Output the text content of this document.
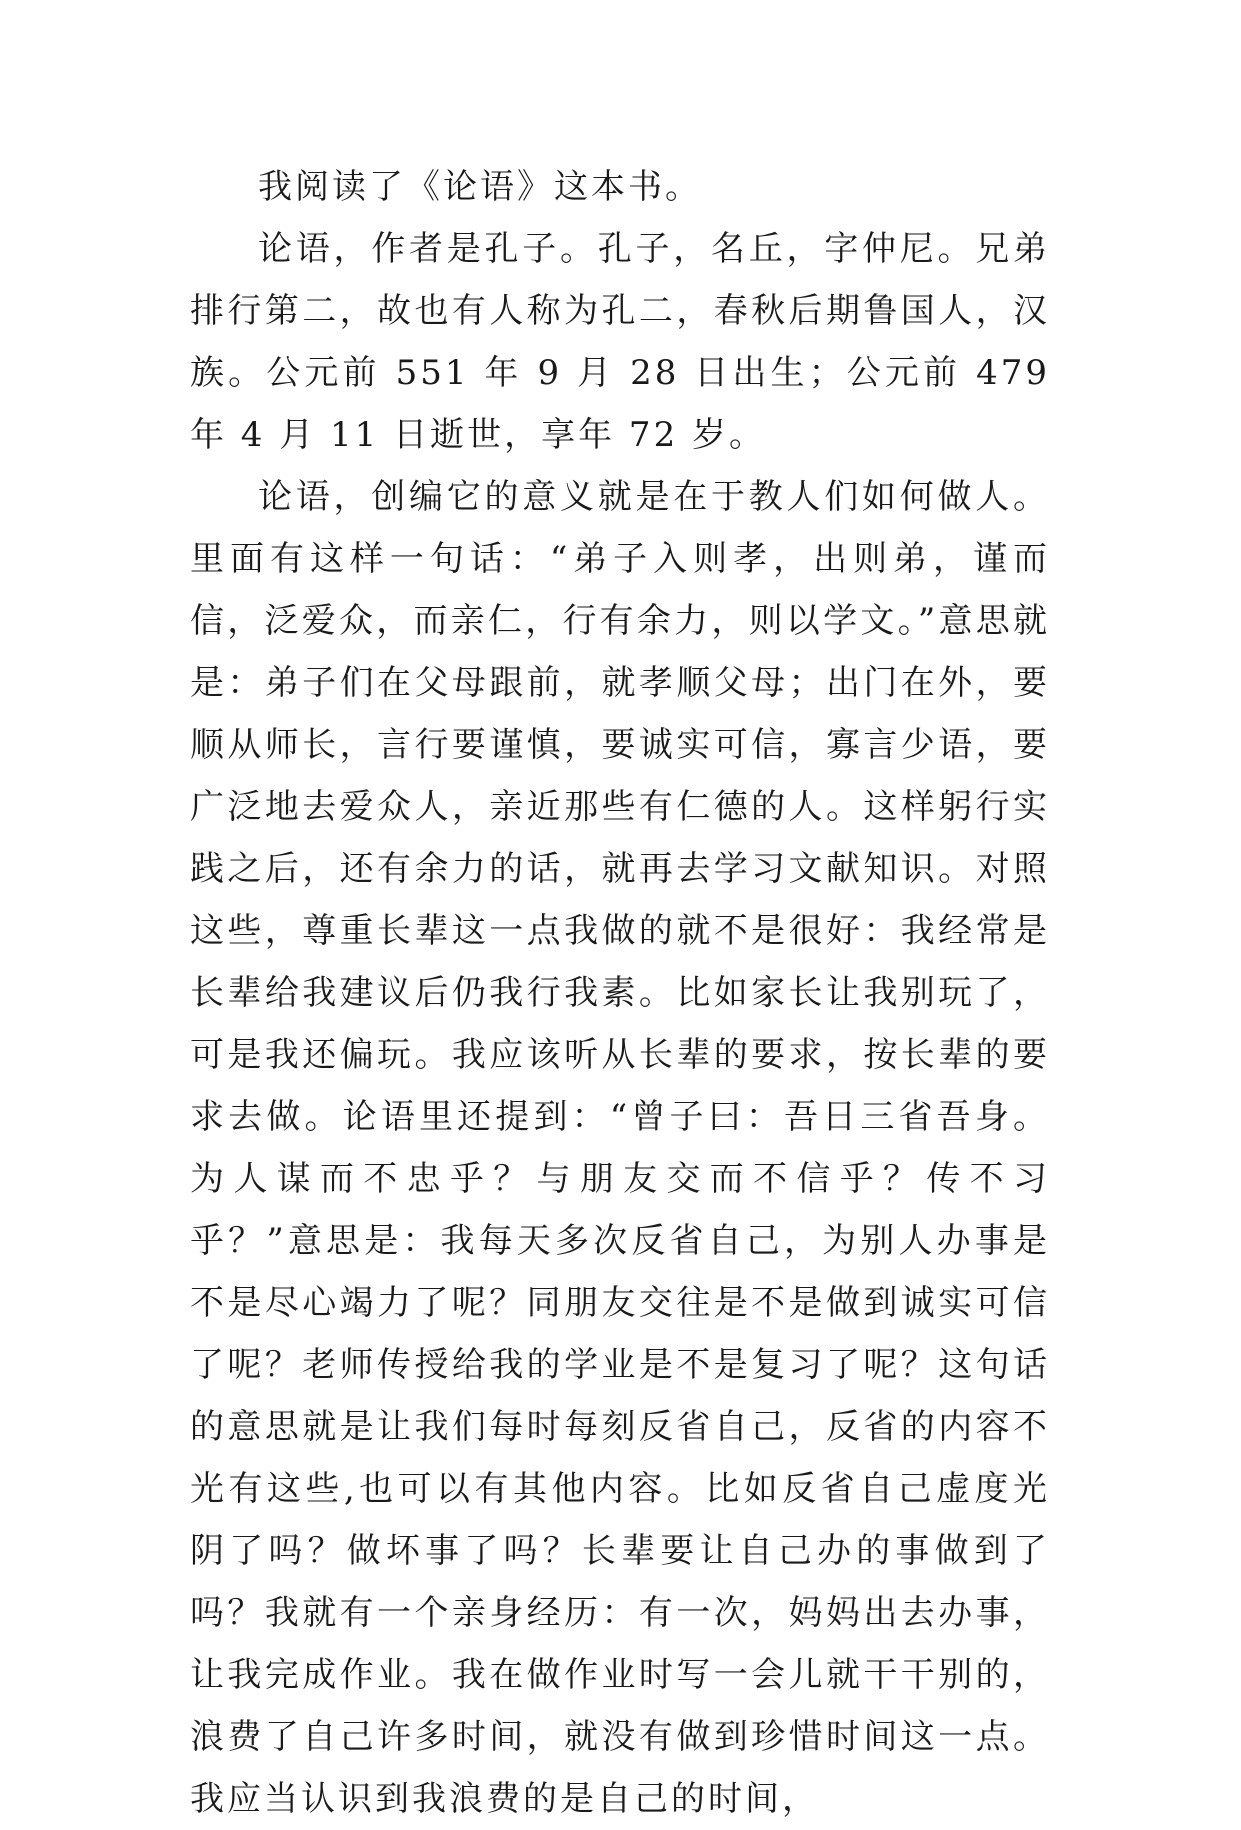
我阅读了《论语》这本书。

论语，作者是孔子。孔子，名丘，字仲尼。兄弟排行第二，故也有人称为孔二，春秋后期鲁国人，汉族。公元前 551 年 9 月 28 日出生；公元前 479 年 4 月 11 日逝世，享年 72 岁。

论语，创编它的意义就是在于教人们如何做人。里面有这样一句话：“弟子入则孝，出则弟，谨而信，泛爱众，而亲仁，行有余力，则以学文。”意思就是：弟子们在父母跟前，就孝顺父母；出门在外，要顺从师长，言行要谨慎，要诚实可信，寡言少语，要广泛地去爱众人，亲近那些有仁德的人。这样躬行实践之后，还有余力的话，就再去学习文献知识。对照这些，尊重长辈这一点我做的就不是很好：我经常是长辈给我建议后仍我行我素。比如家长让我别玩了，可是我还偏玩。我应该听从长辈的要求，按长辈的要求去做。论语里还提到：“曾子曰：吾日三省吾身。为人谋而不忠乎？与朋友交而不信乎？传不习乎？”意思是：我每天多次反省自己，为别人办事是不是尽心竭力了呢？同朋友交往是不是做到诚实可信了呢？老师传授给我的学业是不是复习了呢？这句话的意思就是让我们每时每刻反省自己，反省的内容不光有这些,也可以有其他内容。比如反省自己虚度光阴了吗？做坏事了吗？长辈要让自己办的事做到了吗？我就有一个亲身经历：有一次，妈妈出去办事，让我完成作业。我在做作业时写一会儿就干干别的，浪费了自己许多时间，就没有做到珍惜时间这一点。我应当认识到我浪费的是自己的时间，
